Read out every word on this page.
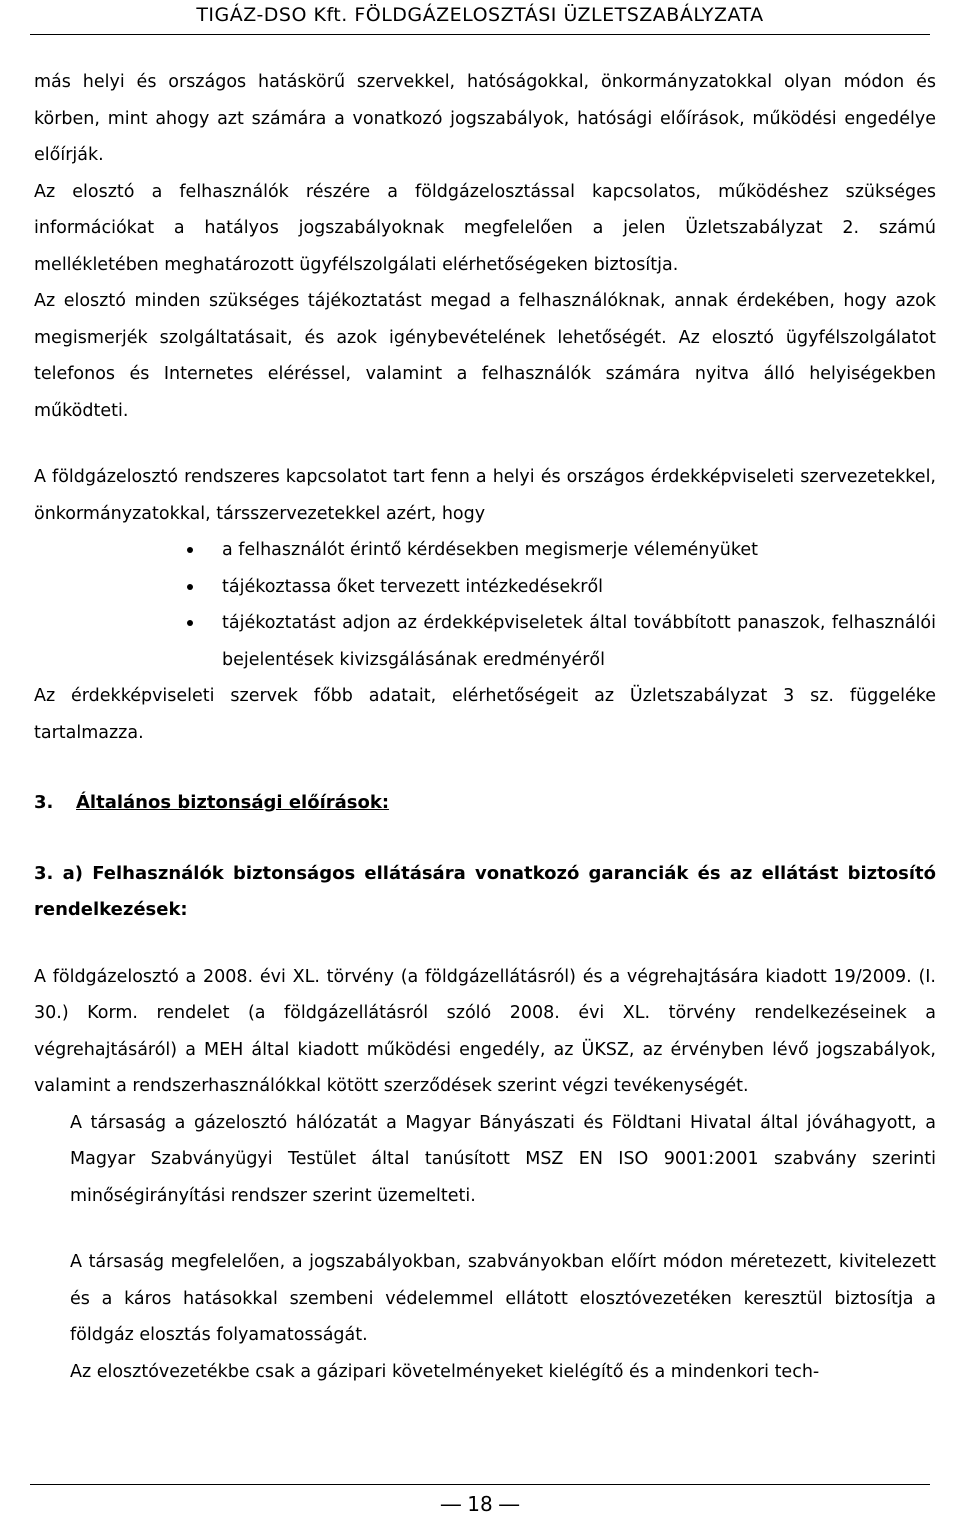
TIGÁZ-DSO Kft. FÖLDGÁZELOSZTÁSI ÜZLETSZABÁLYZATA

más helyi és országos hatáskörű szervekkel, hatóságokkal, önkormányzatokkal olyan módon és körben, mint ahogy azt számára a vonatkozó jogszabályok, hatósági előírások, működési engedélye előírják.

Az elosztó a felhasználók részére a földgázelosztással kapcsolatos, működéshez szükséges információkat a hatályos jogszabályoknak megfelelően a jelen Üzletszabályzat 2. számú mellékletében meghatározott ügyfélszolgálati elérhetőségeken biztosítja.

Az elosztó minden szükséges tájékoztatást megad a felhasználóknak, annak érdekében, hogy azok megismerjék szolgáltatásait, és azok igénybevételének lehetőségét. Az elosztó ügyfélszolgálatot telefonos és Internetes eléréssel, valamint a felhasználók számára nyitva álló helyiségekben működteti.

A földgázelosztó rendszeres kapcsolatot tart fenn a helyi és országos érdekképviseleti szervezetekkel, önkormányzatokkal, társszervezetekkel azért, hogy

a felhasználót érintő kérdésekben megismerje véleményüket
tájékoztassa őket tervezett intézkedésekről
tájékoztatást adjon az érdekképviseletek által továbbított panaszok, felhasználói bejelentések kivizsgálásának eredményéről

Az érdekképviseleti szervek főbb adatait, elérhetőségeit az Üzletszabályzat 3 sz. függeléke tartalmazza.

3. Általános biztonsági előírások:

3. a) Felhasználók biztonságos ellátására vonatkozó garanciák és az ellátást biztosító rendelkezések:

A földgázelosztó a 2008. évi XL. törvény (a földgázellátásról) és a végrehajtására kiadott 19/2009. (I. 30.) Korm. rendelet (a földgázellátásról szóló 2008. évi XL. törvény rendelkezéseinek a végrehajtásáról) a MEH által kiadott működési engedély, az ÜKSZ, az érvényben lévő jogszabályok, valamint a rendszerhasználókkal kötött szerződések szerint végzi tevékenységét.

A társaság a gázelosztó hálózatát a Magyar Bányászati és Földtani Hivatal által jóváhagyott, a Magyar Szabványügyi Testület által tanúsított MSZ EN ISO 9001:2001 szabvány szerinti minőségirányítási rendszer szerint üzemelteti.

A társaság megfelelően, a jogszabályokban, szabványokban előírt módon méretezett, kivitelezett és a káros hatásokkal szembeni védelemmel ellátott elosztóvezetéken keresztül biztosítja a földgáz elosztás folyamatosságát.

Az elosztóvezetékbe csak a gázipari követelményeket kielégítő és a mindenkori tech-

― 18 ―
